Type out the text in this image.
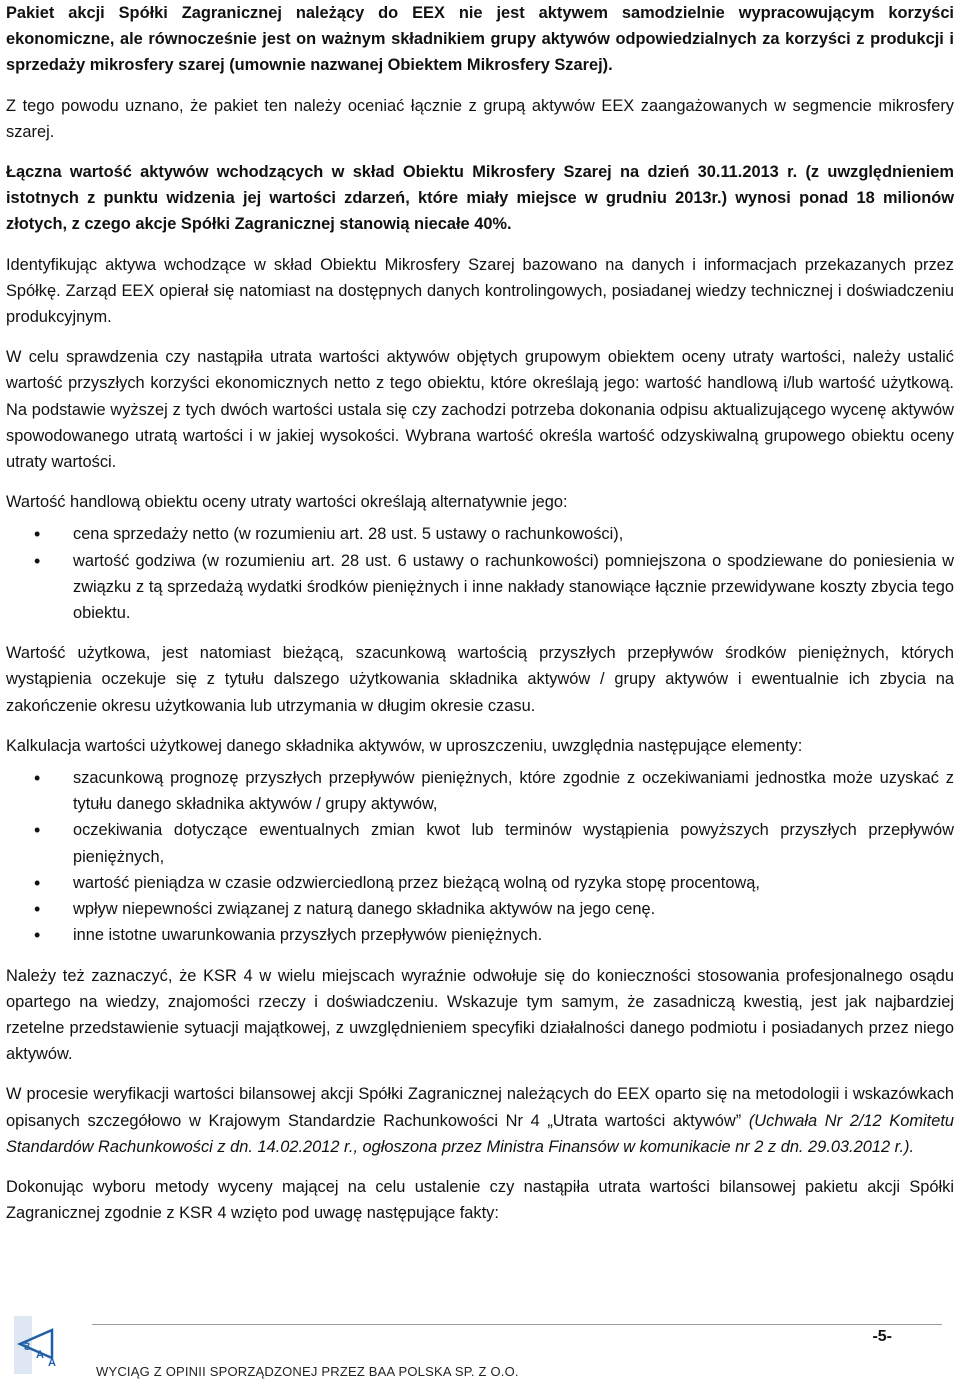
Pakiet akcji Spółki Zagranicznej należący do EEX nie jest aktywem samodzielnie wypracowującym korzyści ekonomiczne, ale równocześnie jest on ważnym składnikiem grupy aktywów odpowiedzialnych za korzyści z produkcji i sprzedaży mikrosfery szarej (umownie nazwanej Obiektem Mikrosfery Szarej).

Z tego powodu uznano, że pakiet ten należy oceniać łącznie z grupą aktywów EEX zaangażowanych w segmencie mikrosfery szarej.

Łączna wartość aktywów wchodzących w skład Obiektu Mikrosfery Szarej na dzień 30.11.2013 r. (z uwzględnieniem istotnych z punktu widzenia jej wartości zdarzeń, które miały miejsce w grudniu 2013r.) wynosi ponad 18 milionów złotych, z czego akcje Spółki Zagranicznej stanowią niecałe 40%.

Identyfikując aktywa wchodzące w skład Obiektu Mikrosfery Szarej bazowano na danych i informacjach przekazanych przez Spółkę. Zarząd EEX opierał się natomiast na dostępnych danych kontrolingowych, posiadanej wiedzy technicznej i doświadczeniu produkcyjnym.

W celu sprawdzenia czy nastąpiła utrata wartości aktywów objętych grupowym obiektem oceny utraty wartości, należy ustalić wartość przyszłych korzyści ekonomicznych netto z tego obiektu, które określają jego: wartość handlową i/lub wartość użytkową. Na podstawie wyższej z tych dwóch wartości ustala się czy zachodzi potrzeba dokonania odpisu aktualizującego wycenę aktywów spowodowanego utratą wartości i w jakiej wysokości. Wybrana wartość określa wartość odzyskiwalną grupowego obiektu oceny utraty wartości.

Wartość handlową obiektu oceny utraty wartości określają alternatywnie jego:

• cena sprzedaży netto (w rozumieniu art. 28 ust. 5 ustawy o rachunkowości),
• wartość godziwa (w rozumieniu art. 28 ust. 6 ustawy o rachunkowości) pomniejszona o spodziewane do poniesienia w związku z tą sprzedażą wydatki środków pieniężnych i inne nakłady stanowiące łącznie przewidywane koszty zbycia tego obiektu.

Wartość użytkowa, jest natomiast bieżącą, szacunkową wartością przyszłych przepływów środków pieniężnych, których wystąpienia oczekuje się z tytułu dalszego użytkowania składnika aktywów / grupy aktywów i ewentualnie ich zbycia na zakończenie okresu użytkowania lub utrzymania w długim okresie czasu.

Kalkulacja wartości użytkowej danego składnika aktywów, w uproszczeniu, uwzględnia następujące elementy:

• szacunkową prognozę przyszłych przepływów pieniężnych, które zgodnie z oczekiwaniami jednostka może uzyskać z tytułu danego składnika aktywów / grupy aktywów,
• oczekiwania dotyczące ewentualnych zmian kwot lub terminów wystąpienia powyższych przyszłych przepływów pieniężnych,
• wartość pieniądza w czasie odzwierciedloną przez bieżącą wolną od ryzyka stopę procentową,
• wpływ niepewności związanej z naturą danego składnika aktywów na jego cenę.
• inne istotne uwarunkowania przyszłych przepływów pieniężnych.

Należy też zaznaczyć, że KSR 4 w wielu miejscach wyraźnie odwołuje się do konieczności stosowania profesjonalnego osądu opartego na wiedzy, znajomości rzeczy i doświadczeniu. Wskazuje tym samym, że zasadniczą kwestią, jest jak najbardziej rzetelne przedstawienie sytuacji majątkowej, z uwzględnieniem specyfiki działalności danego podmiotu i posiadanych przez niego aktywów.

W procesie weryfikacji wartości bilansowej akcji Spółki Zagranicznej należących do EEX oparto się na metodologii i wskazówkach opisanych szczegółowo w Krajowym Standardzie Rachunkowości Nr 4 „Utrata wartości aktywów” (Uchwała Nr 2/12 Komitetu Standardów Rachunkowości z dn. 14.02.2012 r., ogłoszona przez Ministra Finansów w komunikacie nr 2 z dn. 29.03.2012 r.).

Dokonując wyboru metody wyceny mającej na celu ustalenie czy nastąpiła utrata wartości bilansowej pakietu akcji Spółki Zagranicznej zgodnie z KSR 4 wzięto pod uwagę następujące fakty:

3
A
A
-5-
WYCIĄG Z OPINII SPORZĄDZONEJ PRZEZ BAA POLSKA SP. Z O.O.
